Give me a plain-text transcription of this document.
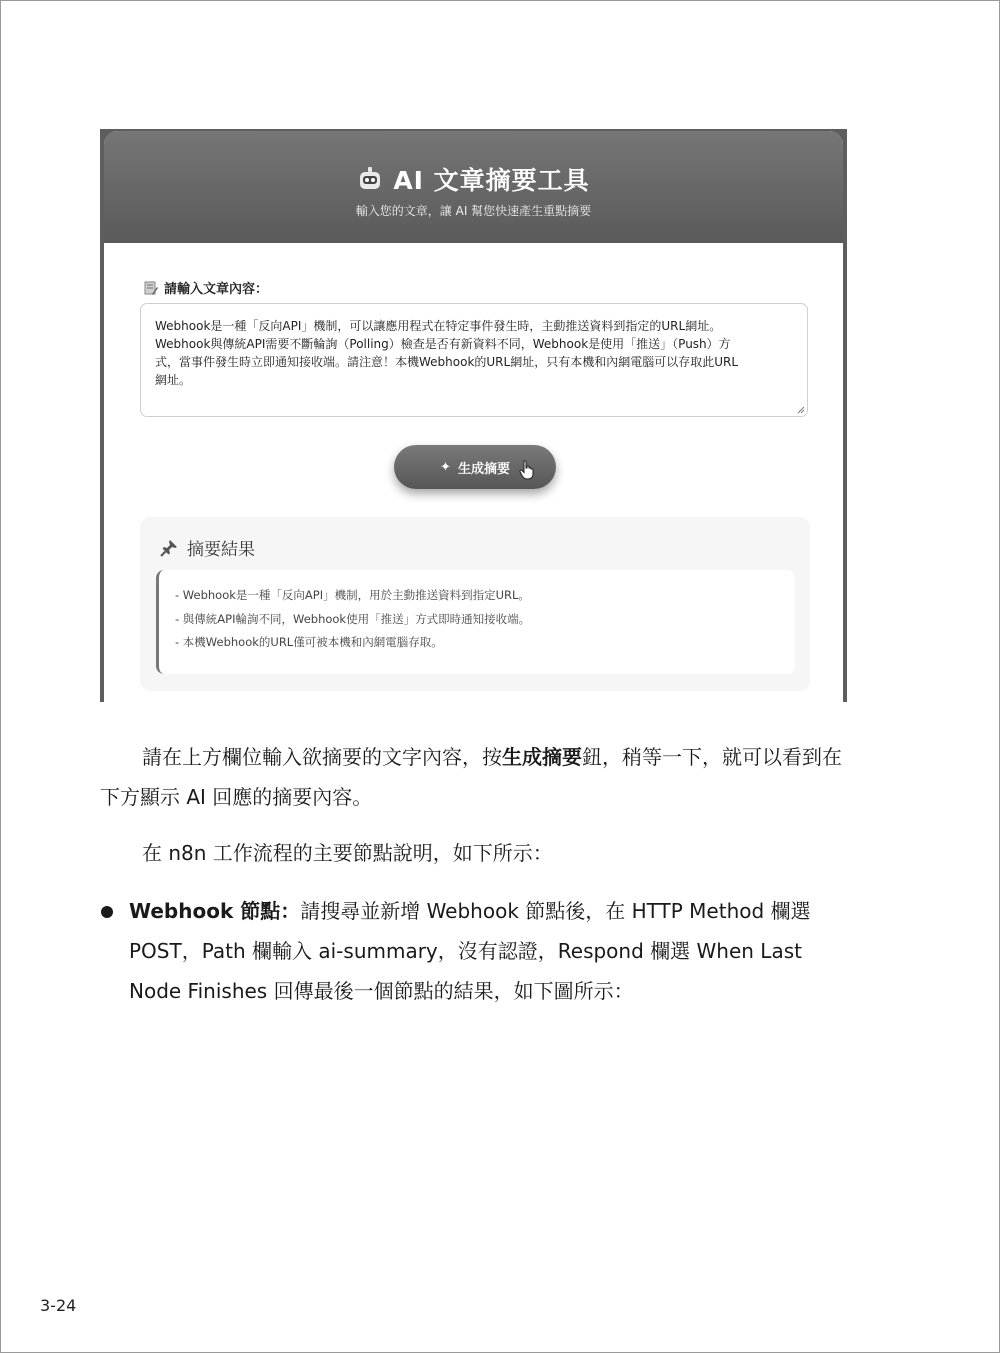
AI 文章摘要工具
輸入您的文章，讓 AI 幫您快速產生重點摘要
請輸入文章內容：
Webhook是一種「反向API」機制，可以讓應用程式在特定事件發生時，主動推送資料到指定的URL網址。
Webhook與傳統API需要不斷輪詢（Polling）檢查是否有新資料不同，Webhook是使用「推送」（Push）方
式，當事件發生時立即通知接收端。請注意！本機Webhook的URL網址，只有本機和內網電腦可以存取此URL
網址。
✦ 生成摘要
摘要結果
- Webhook是一種「反向API」機制，用於主動推送資料到指定URL。
- 與傳統API輪詢不同，Webhook使用「推送」方式即時通知接收端。
- 本機Webhook的URL僅可被本機和內網電腦存取。
請在上方欄位輸入欲摘要的文字內容，按生成摘要鈕，稍等一下，就可以看到在下方顯示 AI 回應的摘要內容。
在 n8n 工作流程的主要節點說明，如下所示：
Webhook 節點：請搜尋並新增 Webhook 節點後，在 HTTP Method 欄選 POST，Path 欄輸入 ai-summary，沒有認證，Respond 欄選 When Last Node Finishes 回傳最後一個節點的結果，如下圖所示：
3-24
